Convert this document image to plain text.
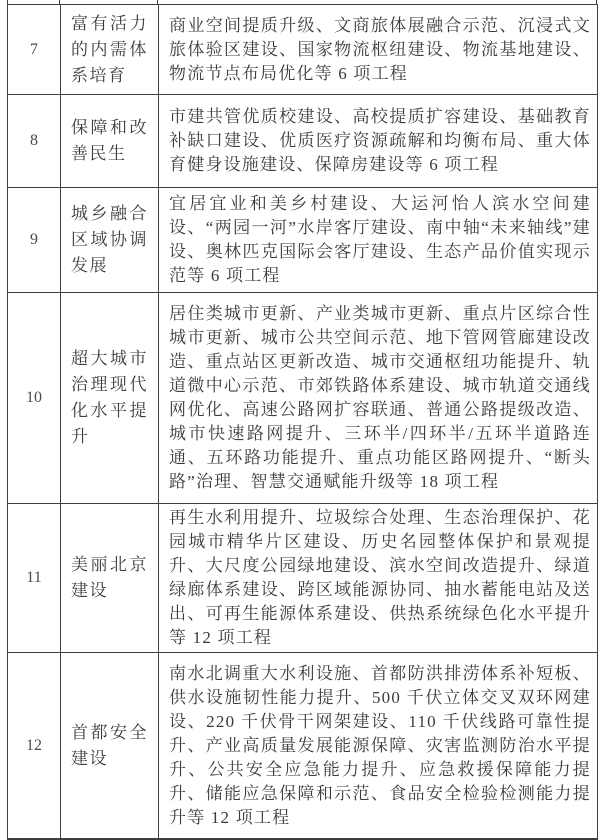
7	富有活力的内需体系培育	商业空间提质升级、文商旅体展融合示范、沉浸式文旅体验区建设、国家物流枢纽建设、物流基地建设、物流节点布局优化等 6 项工程
8	保障和改善民生	市建共管优质校建设、高校提质扩容建设、基础教育补缺口建设、优质医疗资源疏解和均衡布局、重大体育健身设施建设、保障房建设等 6 项工程
9	城乡融合区域协调发展	宜居宜业和美乡村建设、大运河怡人滨水空间建设、“两园一河”水岸客厅建设、南中轴“未来轴线”建设、奥林匹克国际会客厅建设、生态产品价值实现示范等 6 项工程
10	超大城市治理现代化水平提升	居住类城市更新、产业类城市更新、重点片区综合性城市更新、城市公共空间示范、地下管网管廊建设改造、重点站区更新改造、城市交通枢纽功能提升、轨道微中心示范、市郊铁路体系建设、城市轨道交通线网优化、高速公路网扩容联通、普通公路提级改造、城市快速路网提升、三环半/四环半/五环半道路连通、五环路功能提升、重点功能区路网提升、“断头路”治理、智慧交通赋能升级等 18 项工程
11	美丽北京建设	再生水利用提升、垃圾综合处理、生态治理保护、花园城市精华片区建设、历史名园整体保护和景观提升、大尺度公园绿地建设、滨水空间改造提升、绿道绿廊体系建设、跨区域能源协同、抽水蓄能电站及送出、可再生能源体系建设、供热系统绿色化水平提升等 12 项工程
12	首都安全建设	南水北调重大水利设施、首都防洪排涝体系补短板、供水设施韧性能力提升、500 千伏立体交叉双环网建设、220 千伏骨干网架建设、110 千伏线路可靠性提升、产业高质量发展能源保障、灾害监测防治水平提升、公共安全应急能力提升、应急救援保障能力提升、储能应急保障和示范、食品安全检验检测能力提升等 12 项工程
